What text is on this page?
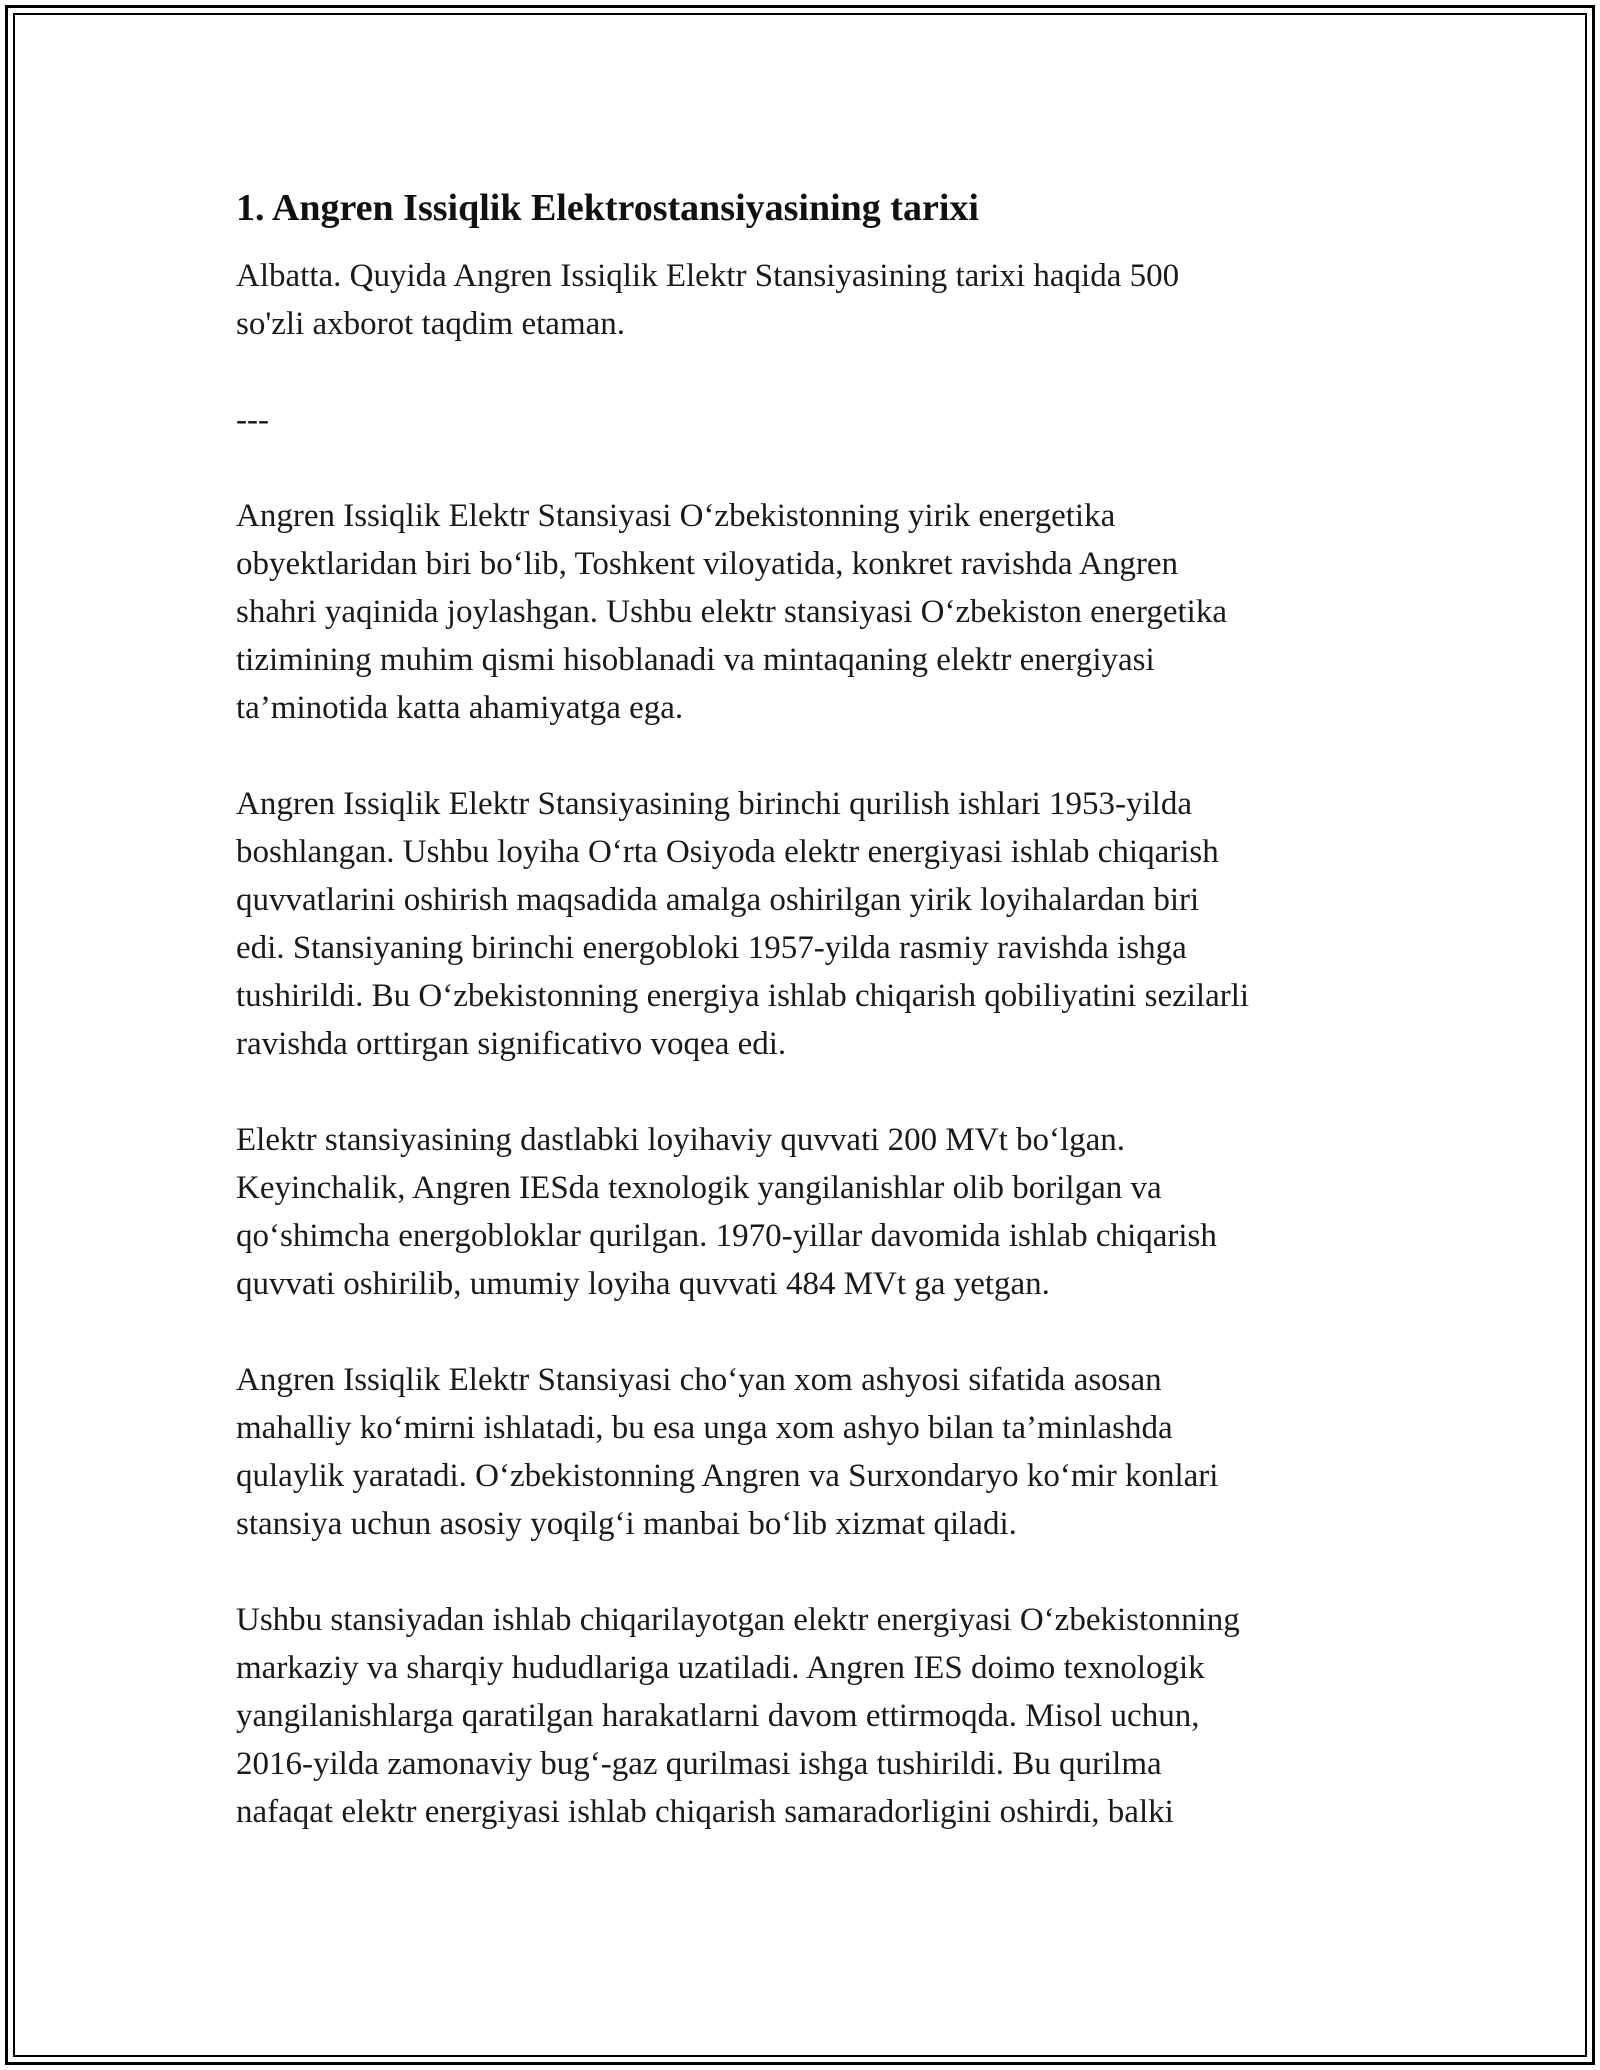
1. Angren Issiqlik Elektrostansiyasining tarixi

Albatta. Quyida Angren Issiqlik Elektr Stansiyasining tarixi haqida 500
so'zli axborot taqdim etaman.

---

Angren Issiqlik Elektr Stansiyasi O‘zbekistonning yirik energetika
obyektlaridan biri bo‘lib, Toshkent viloyatida, konkret ravishda Angren
shahri yaqinida joylashgan. Ushbu elektr stansiyasi O‘zbekiston energetika
tizimining muhim qismi hisoblanadi va mintaqaning elektr energiyasi
ta’minotida katta ahamiyatga ega.

Angren Issiqlik Elektr Stansiyasining birinchi qurilish ishlari 1953-yilda
boshlangan. Ushbu loyiha O‘rta Osiyoda elektr energiyasi ishlab chiqarish
quvvatlarini oshirish maqsadida amalga oshirilgan yirik loyihalardan biri
edi. Stansiyaning birinchi energobloki 1957-yilda rasmiy ravishda ishga
tushirildi. Bu O‘zbekistonning energiya ishlab chiqarish qobiliyatini sezilarli
ravishda orttirgan significativo voqea edi.

Elektr stansiyasining dastlabki loyihaviy quvvati 200 MVt bo‘lgan.
Keyinchalik, Angren IESda texnologik yangilanishlar olib borilgan va
qo‘shimcha energobloklar qurilgan. 1970-yillar davomida ishlab chiqarish
quvvati oshirilib, umumiy loyiha quvvati 484 MVt ga yetgan.

Angren Issiqlik Elektr Stansiyasi cho‘yan xom ashyosi sifatida asosan
mahalliy ko‘mirni ishlatadi, bu esa unga xom ashyo bilan ta’minlashda
qulaylik yaratadi. O‘zbekistonning Angren va Surxondaryo ko‘mir konlari
stansiya uchun asosiy yoqilg‘i manbai bo‘lib xizmat qiladi.

Ushbu stansiyadan ishlab chiqarilayotgan elektr energiyasi O‘zbekistonning
markaziy va sharqiy hududlariga uzatiladi. Angren IES doimo texnologik
yangilanishlarga qaratilgan harakatlarni davom ettirmoqda. Misol uchun,
2016-yilda zamonaviy bug‘-gaz qurilmasi ishga tushirildi. Bu qurilma
nafaqat elektr energiyasi ishlab chiqarish samaradorligini oshirdi, balki
